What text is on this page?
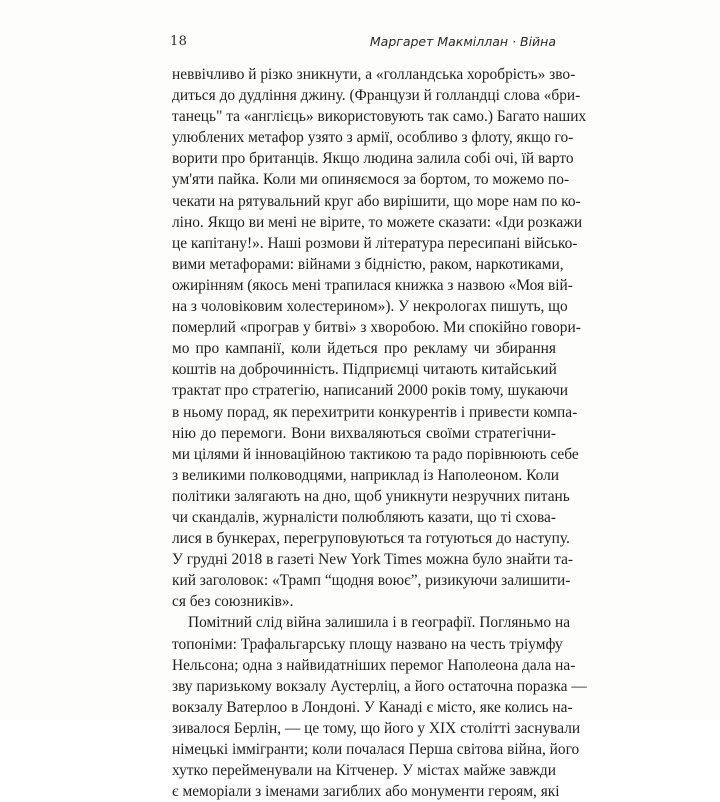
18	Маргарет Макміллан · Війна
неввічливо й різко зникнути, а «голландська хоробрість» зво-
диться до дудління джину. (Французи й голландці слова «бри-
танець" та «англієць» використовують так само.) Багато наших
улюблених метафор узято з армії, особливо з флоту, якщо го-
ворити про британців. Якщо людина залила собі очі, їй варто
ум'яти пайка. Коли ми опиняємося за бортом, то можемо по-
чекати на рятувальний круг або вирішити, що море нам по ко-
ліно. Якщо ви мені не вірите, то можете сказати: «Іди розкажи
це капітану!». Наші розмови й література пересипані військо-
вими метафорами: війнами з бідністю, раком, наркотиками,
ожирінням (якось мені трапилася книжка з назвою «Моя вій-
на з чоловіковим холестерином»). У некрологах пишуть, що
померлий «програв у битві» з хворобою. Ми спокійно говори-
мо про кампанії, коли йдеться про рекламу чи збирання
коштів на доброчинність. Підприємці читають китайський
трактат про стратегію, написаний 2000 років тому, шукаючи
в ньому порад, як перехитрити конкурентів і привести компа-
нію до перемоги. Вони вихваляються своїми стратегічни-
ми цілями й інноваційною тактикою та радо порівнюють себе
з великими полководцями, наприклад із Наполеоном. Коли
політики залягають на дно, щоб уникнути незручних питань
чи скандалів, журналісти полюбляють казати, що ті схова-
лися в бункерах, перегруповуються та готуються до наступу.
У грудні 2018 в газеті New York Times можна було знайти та-
кий заголовок: «Трамп “щодня воює”, ризикуючи залишити-
ся без союзників».
Помітний слід війна залишила і в географії. Погляньмо на
топоніми: Трафальгарську площу названо на честь тріумфу
Нельсона; одна з найвидатніших перемог Наполеона дала на-
зву паризькому вокзалу Аустерліц, а його остаточна поразка —
вокзалу Ватерлоо в Лондоні. У Канаді є місто, яке колись на-
зивалося Берлін, — це тому, що його у XIX столітті заснували
німецькі іммігранти; коли почалася Перша світова війна, його
хутко перейменували на Кітченер. У містах майже завжди
є меморіали з іменами загиблих або монументи героям, які
